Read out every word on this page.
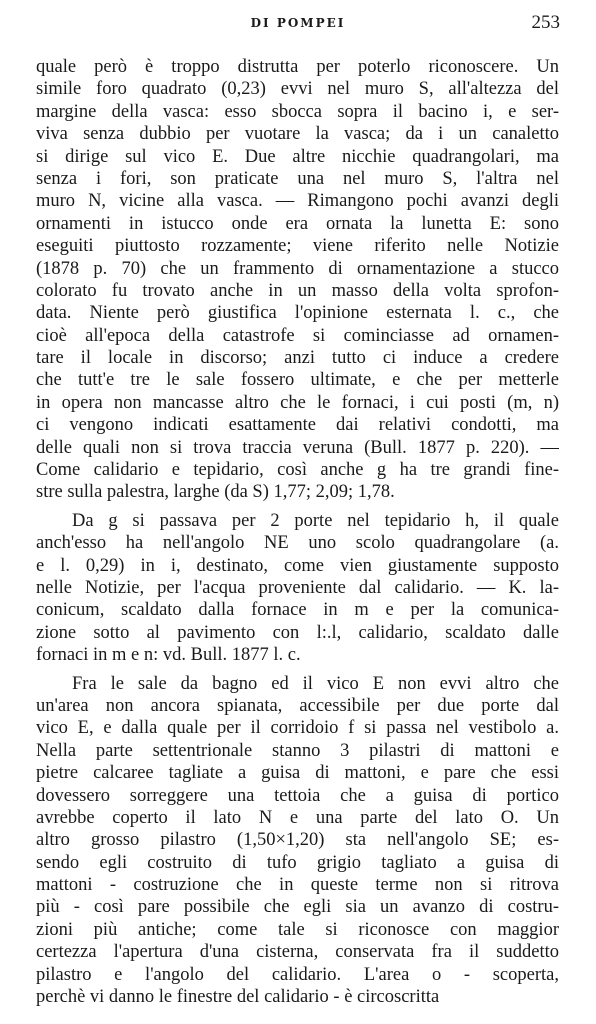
DI POMPEI	253
quale però è troppo distrutta per poterlo riconoscere. Un
simile foro quadrato (0,23) evvi nel muro S, all'altezza del
margine della vasca: esso sbocca sopra il bacino i, e ser-
viva senza dubbio per vuotare la vasca; da i un canaletto
si dirige sul vico E. Due altre nicchie quadrangolari, ma
senza i fori, son praticate una nel muro S, l'altra nel
muro N, vicine alla vasca. — Rimangono pochi avanzi degli
ornamenti in istucco onde era ornata la lunetta E: sono
eseguiti piuttosto rozzamente; viene riferito nelle Notizie
(1878 p. 70) che un frammento di ornamentazione a stucco
colorato fu trovato anche in un masso della volta sprofon-
data. Niente però giustifica l'opinione esternata l. c., che
cioè all'epoca della catastrofe si cominciasse ad ornamen-
tare il locale in discorso; anzi tutto ci induce a credere
che tutt'e tre le sale fossero ultimate, e che per metterle
in opera non mancasse altro che le fornaci, i cui posti (m, n)
ci vengono indicati esattamente dai relativi condotti, ma
delle quali non si trova traccia veruna (Bull. 1877 p. 220). —
Come calidario e tepidario, così anche g ha tre grandi fine-
stre sulla palestra, larghe (da S) 1,77; 2,09; 1,78.
Da g si passava per 2 porte nel tepidario h, il quale
anch'esso ha nell'angolo NE uno scolo quadrangolare (a.
e l. 0,29) in i, destinato, come vien giustamente supposto
nelle Notizie, per l'acqua proveniente dal calidario. — K. la-
conicum, scaldato dalla fornace in m e per la comunica-
zione sotto al pavimento con l:.l, calidario, scaldato dalle
fornaci in m e n: vd. Bull. 1877 l. c.
Fra le sale da bagno ed il vico E non evvi altro che
un'area non ancora spianata, accessibile per due porte dal
vico E, e dalla quale per il corridoio f si passa nel vestibolo a.
Nella parte settentrionale stanno 3 pilastri di mattoni e
pietre calcaree tagliate a guisa di mattoni, e pare che essi
dovessero sorreggere una tettoia che a guisa di portico
avrebbe coperto il lato N e una parte del lato O. Un
altro grosso pilastro (1,50×1,20) sta nell'angolo SE; es-
sendo egli costruito di tufo grigio tagliato a guisa di
mattoni - costruzione che in queste terme non si ritrova
più - così pare possibile che egli sia un avanzo di costru-
zioni più antiche; come tale si riconosce con maggior
certezza l'apertura d'una cisterna, conservata fra il suddetto
pilastro e l'angolo del calidario. L'area o - scoperta,
perchè vi danno le finestre del calidario - è circoscritta
